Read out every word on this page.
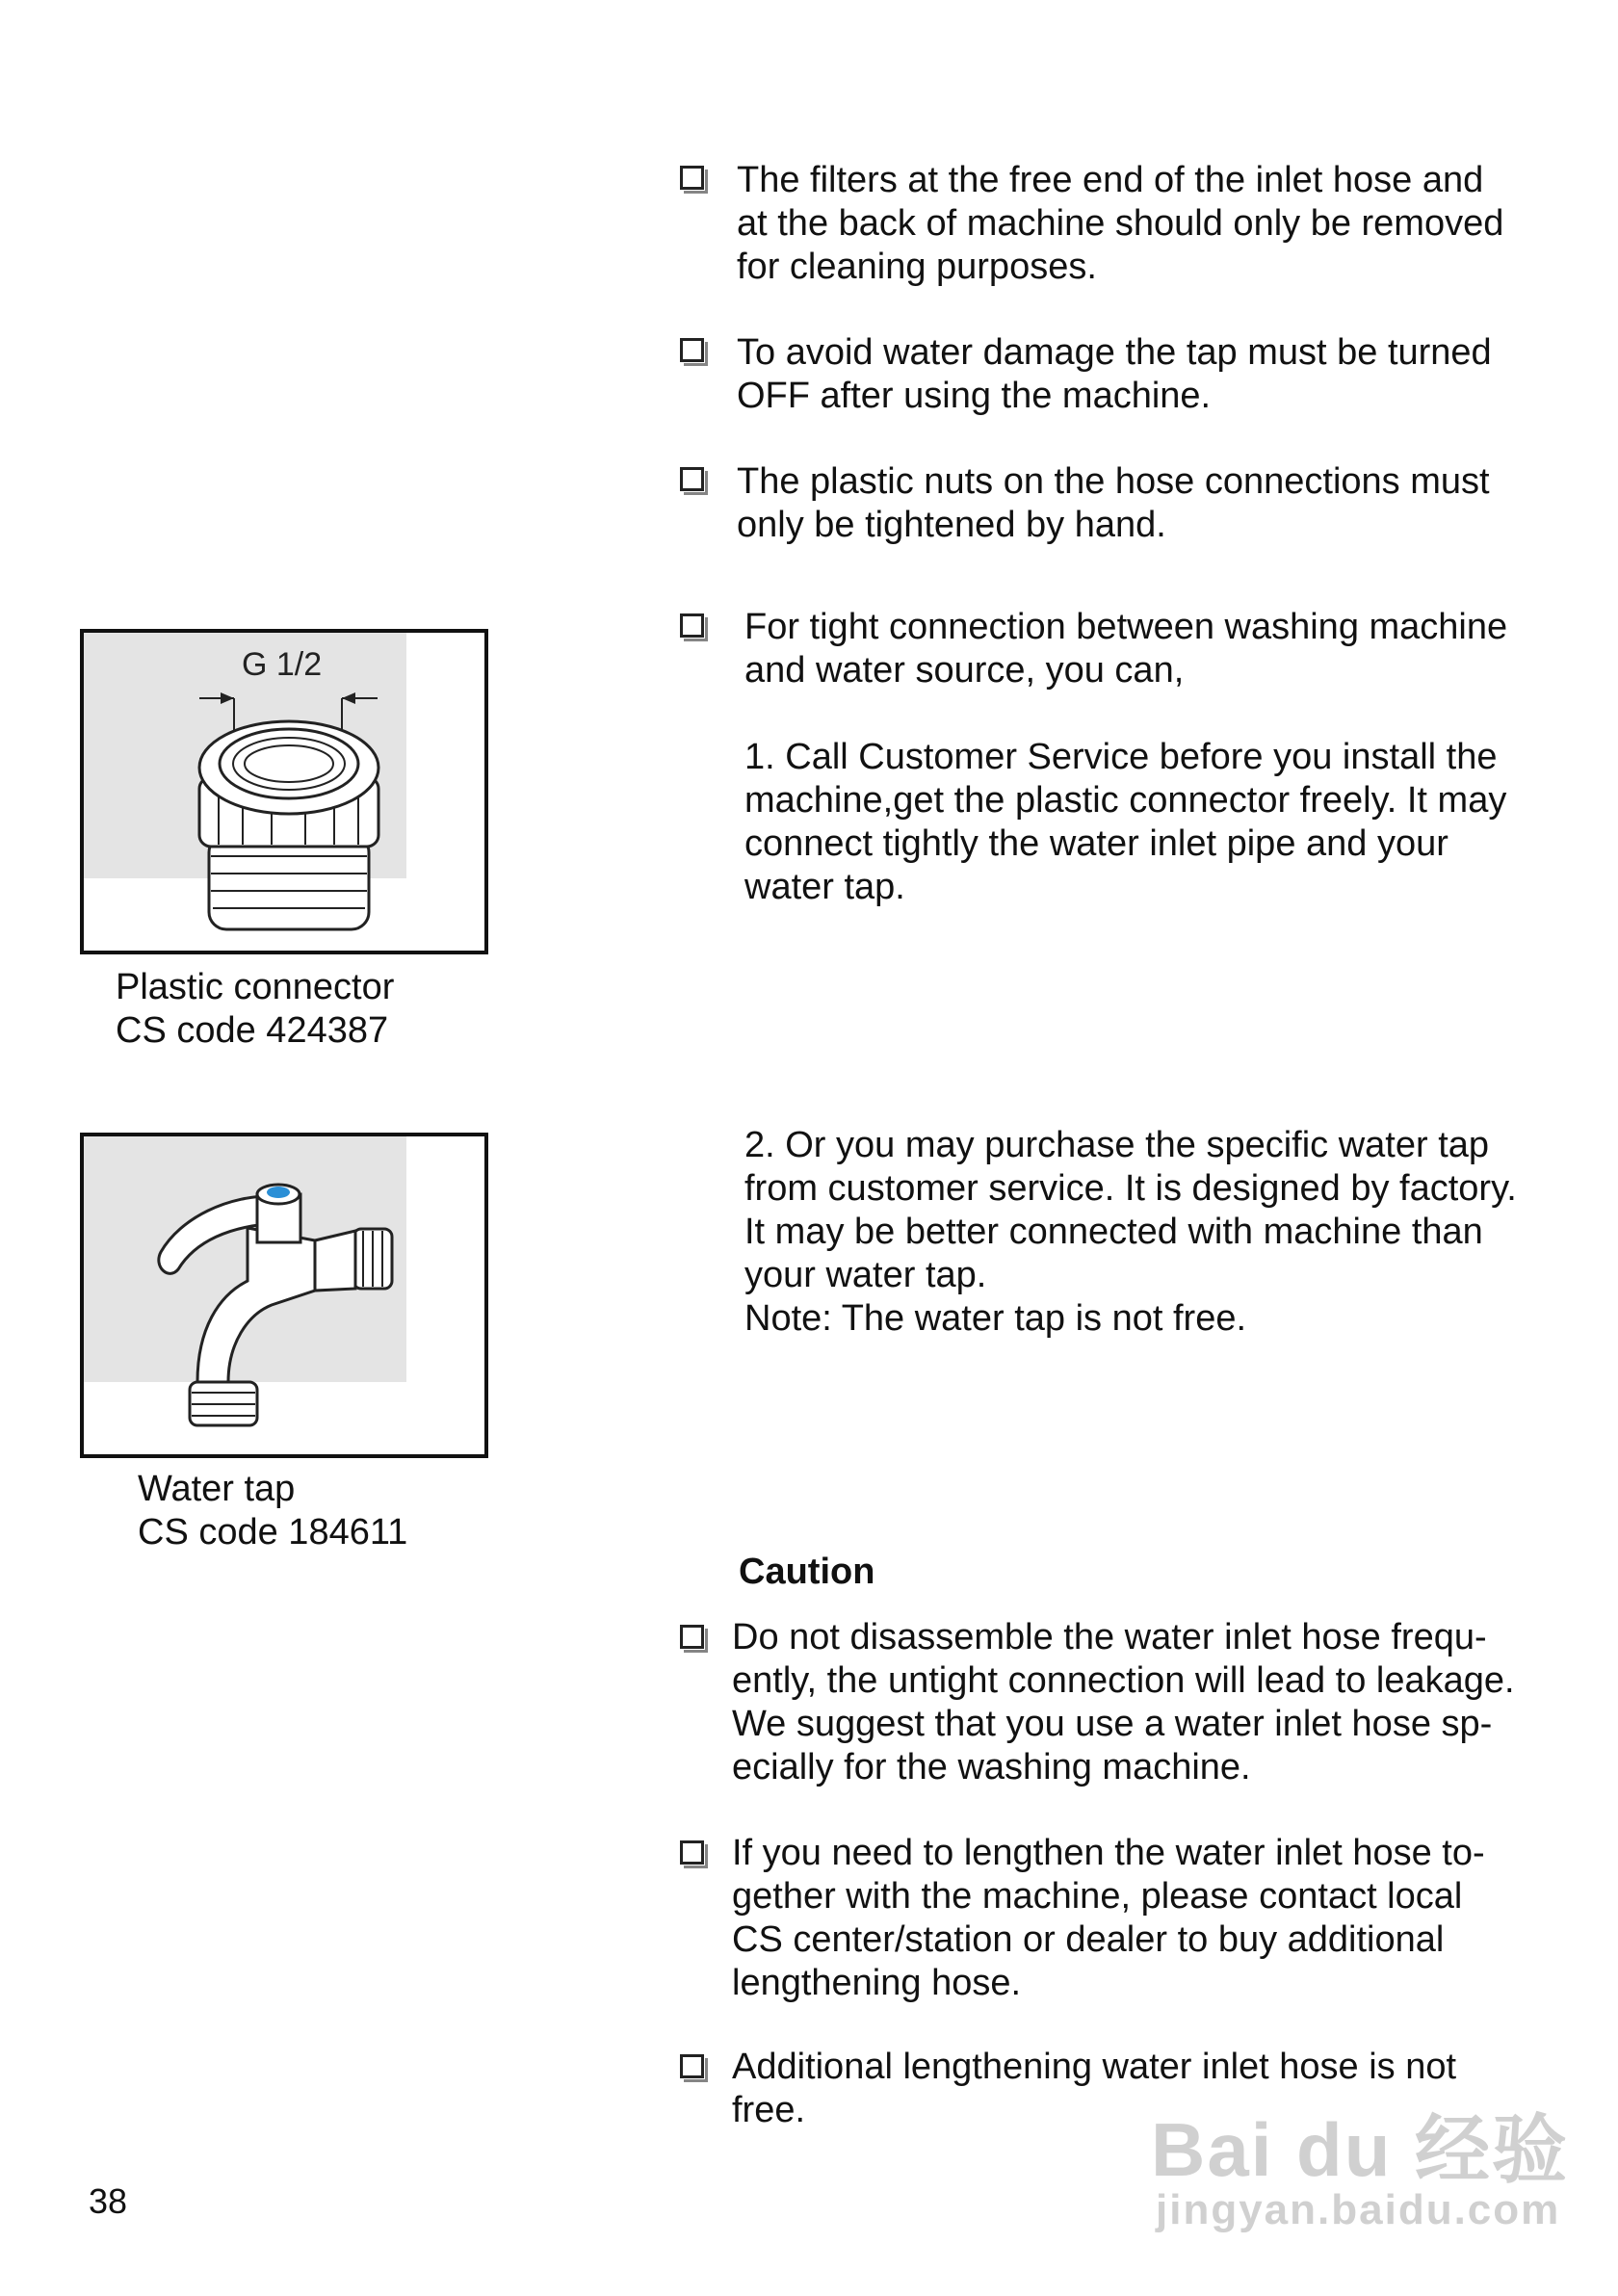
The filters at the free end of the inlet hose and
at the back of machine should only be removed
for cleaning purposes.
To avoid water damage the tap must be turned
OFF after using the machine.
The plastic nuts on the hose connections must
only be tightened by hand.
For tight connection between washing machine
and water source, you can,
1. Call Customer Service before you install the
machine,get the plastic connector freely. It may
connect tightly the water inlet pipe and your
water tap.
2. Or you may purchase the specific water tap
from customer service. It is designed by factory.
It may be better connected with machine than
your water tap.
Note: The water tap is not free.
G 1/2
Plastic connector
CS code 424387
Water tap
CS code 184611
Caution
Do not disassemble the water inlet hose frequ-
ently, the untight connection will lead to leakage.
We suggest that you use a water inlet hose sp-
ecially for the washing machine.
If you need to lengthen the water inlet hose to-
gether with the machine, please contact local
CS center/station or dealer to buy additional
lengthening hose.
Additional lengthening water inlet hose is not
free.
38
Bai du 经验
jingyan.baidu.com
